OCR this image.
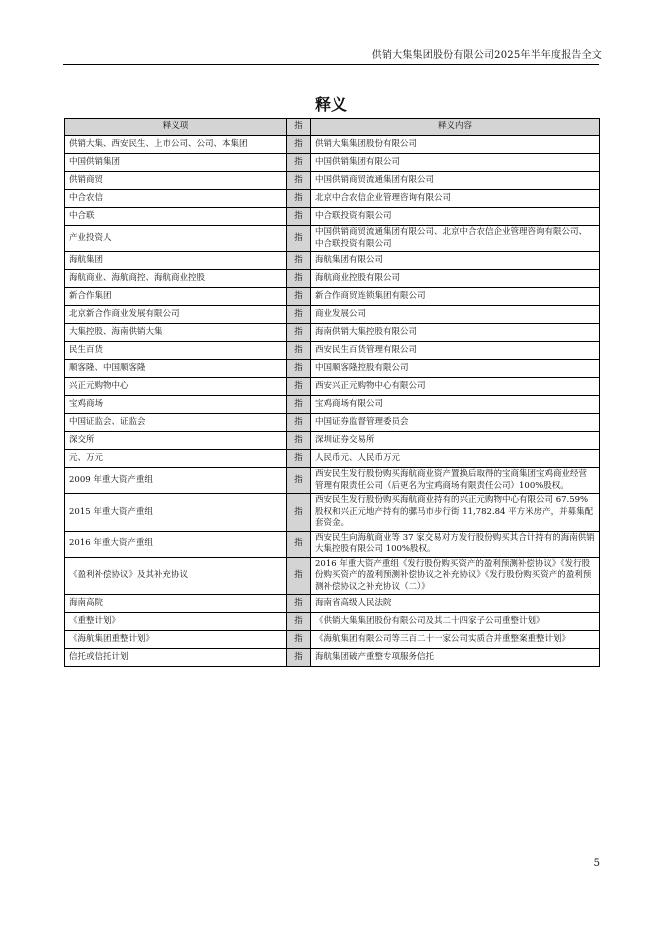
供销大集集团股份有限公司2025年半年度报告全文
释义
释义项	指	释义内容
供销大集、西安民生、上市公司、公司、本集团	指	供销大集集团股份有限公司
中国供销集团	指	中国供销集团有限公司
供销商贸	指	中国供销商贸流通集团有限公司
中合农信	指	北京中合农信企业管理咨询有限公司
中合联	指	中合联投资有限公司
产业投资人	指	中国供销商贸流通集团有限公司、北京中合农信企业管理咨询有限公司、中合联投资有限公司
海航集团	指	海航集团有限公司
海航商业、海航商控、海航商业控股	指	海航商业控股有限公司
新合作集团	指	新合作商贸连锁集团有限公司
北京新合作商业发展有限公司	指	商业发展公司
大集控股、海南供销大集	指	海南供销大集控股有限公司
民生百货	指	西安民生百货管理有限公司
顺客隆、中国顺客隆	指	中国顺客隆控股有限公司
兴正元购物中心	指	西安兴正元购物中心有限公司
宝鸡商场	指	宝鸡商场有限公司
中国证监会、证监会	指	中国证券监督管理委员会
深交所	指	深圳证券交易所
元、万元	指	人民币元、人民币万元
2009 年重大资产重组	指	西安民生发行股份购买海航商业资产置换后取得的宝商集团宝鸡商业经营管理有限责任公司（后更名为宝鸡商场有限责任公司）100%股权。
2015 年重大资产重组	指	西安民生发行股份购买海航商业持有的兴正元购物中心有限公司 67.59%股权和兴正元地产持有的骡马市步行街 11,782.84 平方米房产，并募集配套资金。
2016 年重大资产重组	指	西安民生向海航商业等 37 家交易对方发行股份购买其合计持有的海南供销大集控股有限公司 100%股权。
《盈利补偿协议》及其补充协议	指	2016 年重大资产重组《发行股份购买资产的盈利预测补偿协议》《发行股份购买资产的盈利预测补偿协议之补充协议》《发行股份购买资产的盈利预测补偿协议之补充协议（二）》
海南高院	指	海南省高级人民法院
《重整计划》	指	《供销大集集团股份有限公司及其二十四家子公司重整计划》
《海航集团重整计划》	指	《海航集团有限公司等三百二十一家公司实质合并重整案重整计划》
信托或信托计划	指	海航集团破产重整专项服务信托
5
